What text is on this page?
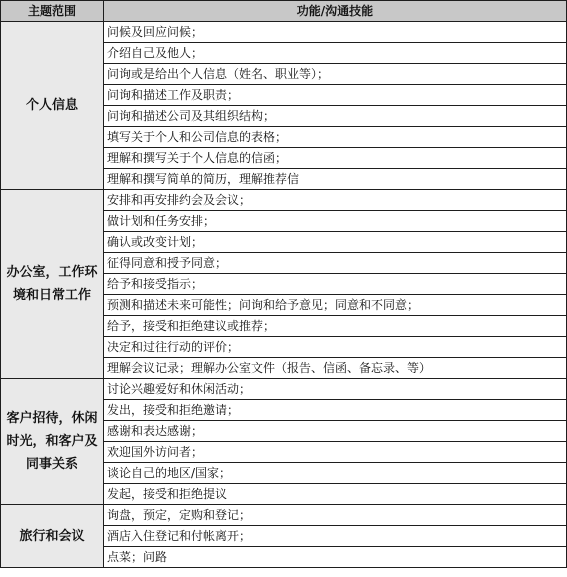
主题范围	功能/沟通技能
个人信息	问候及回应问候；
	介绍自己及他人；
	问询或是给出个人信息（姓名、职业等）；
	问询和描述工作及职责；
	问询和描述公司及其组织结构；
	填写关于个人和公司信息的表格；
	理解和撰写关于个人信息的信函；
	理解和撰写简单的简历，理解推荐信
办公室，工作环
境和日常工作	安排和再安排约会及会议；
	做计划和任务安排；
	确认或改变计划；
	征得同意和授予同意；
	给予和接受指示；
	预测和描述未来可能性；问询和给予意见；同意和不同意；
	给予，接受和拒绝建议或推荐；
	决定和过往行动的评价；
	理解会议记录；理解办公室文件（报告、信函、备忘录、等）
客户招待，休闲
时光，和客户及
同事关系	讨论兴趣爱好和休闲活动；
	发出，接受和拒绝邀请；
	感谢和表达感谢；
	欢迎国外访问者；
	谈论自己的地区/国家；
	发起，接受和拒绝提议
旅行和会议	询盘，预定，定购和登记；
	酒店入住登记和付帐离开；
	点菜；问路
